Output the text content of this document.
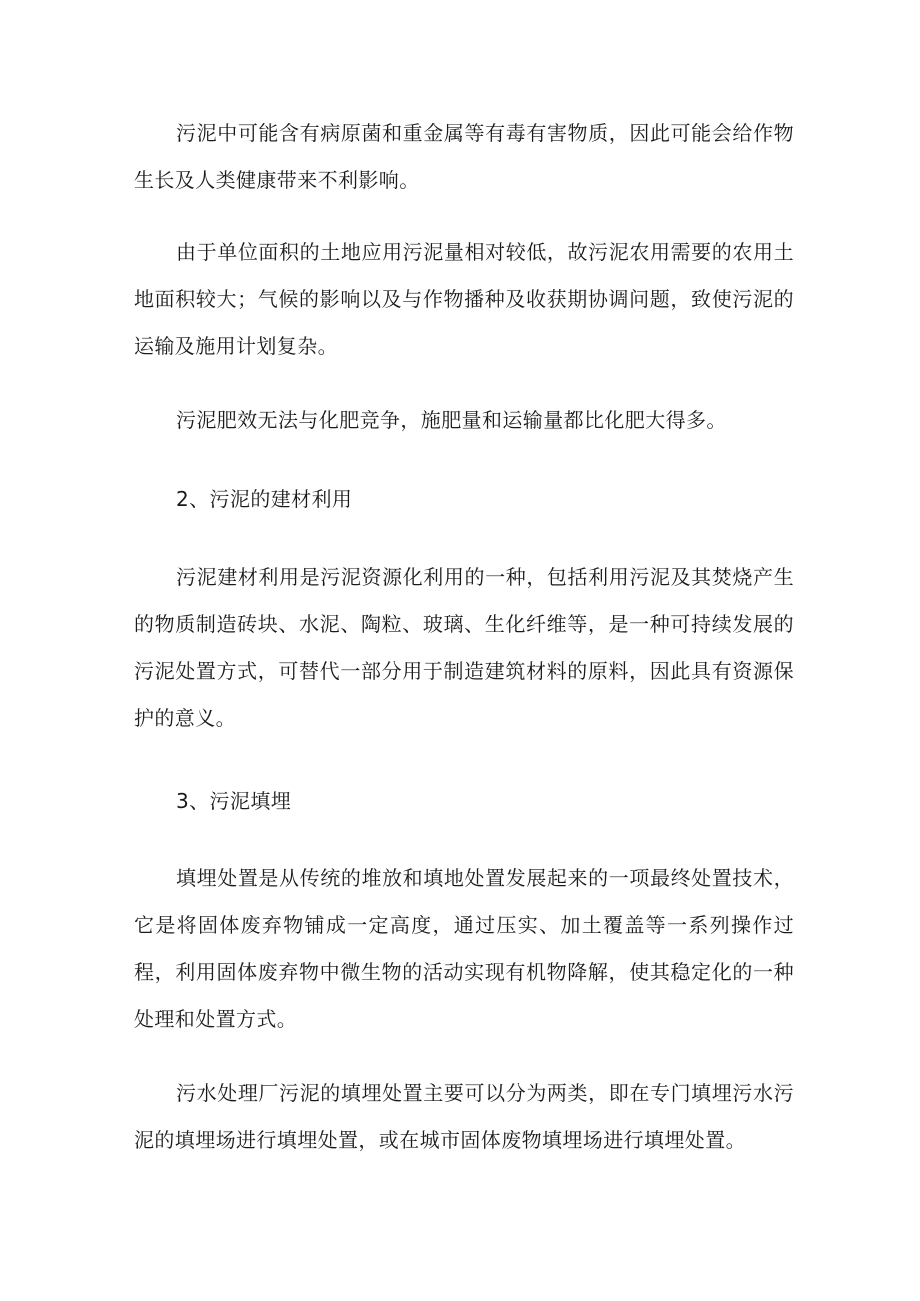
污泥中可能含有病原菌和重金属等有毒有害物质，因此可能会给作物生长及人类健康带来不利影响。

由于单位面积的土地应用污泥量相对较低，故污泥农用需要的农用土地面积较大；气候的影响以及与作物播种及收获期协调问题，致使污泥的运输及施用计划复杂。

污泥肥效无法与化肥竞争，施肥量和运输量都比化肥大得多。

2、污泥的建材利用

污泥建材利用是污泥资源化利用的一种，包括利用污泥及其焚烧产生的物质制造砖块、水泥、陶粒、玻璃、生化纤维等，是一种可持续发展的污泥处置方式，可替代一部分用于制造建筑材料的原料，因此具有资源保护的意义。

3、污泥填埋

填埋处置是从传统的堆放和填地处置发展起来的一项最终处置技术，它是将固体废弃物铺成一定高度，通过压实、加土覆盖等一系列操作过程，利用固体废弃物中微生物的活动实现有机物降解，使其稳定化的一种处理和处置方式。

污水处理厂污泥的填埋处置主要可以分为两类，即在专门填埋污水污泥的填埋场进行填埋处置，或在城市固体废物填埋场进行填埋处置。
